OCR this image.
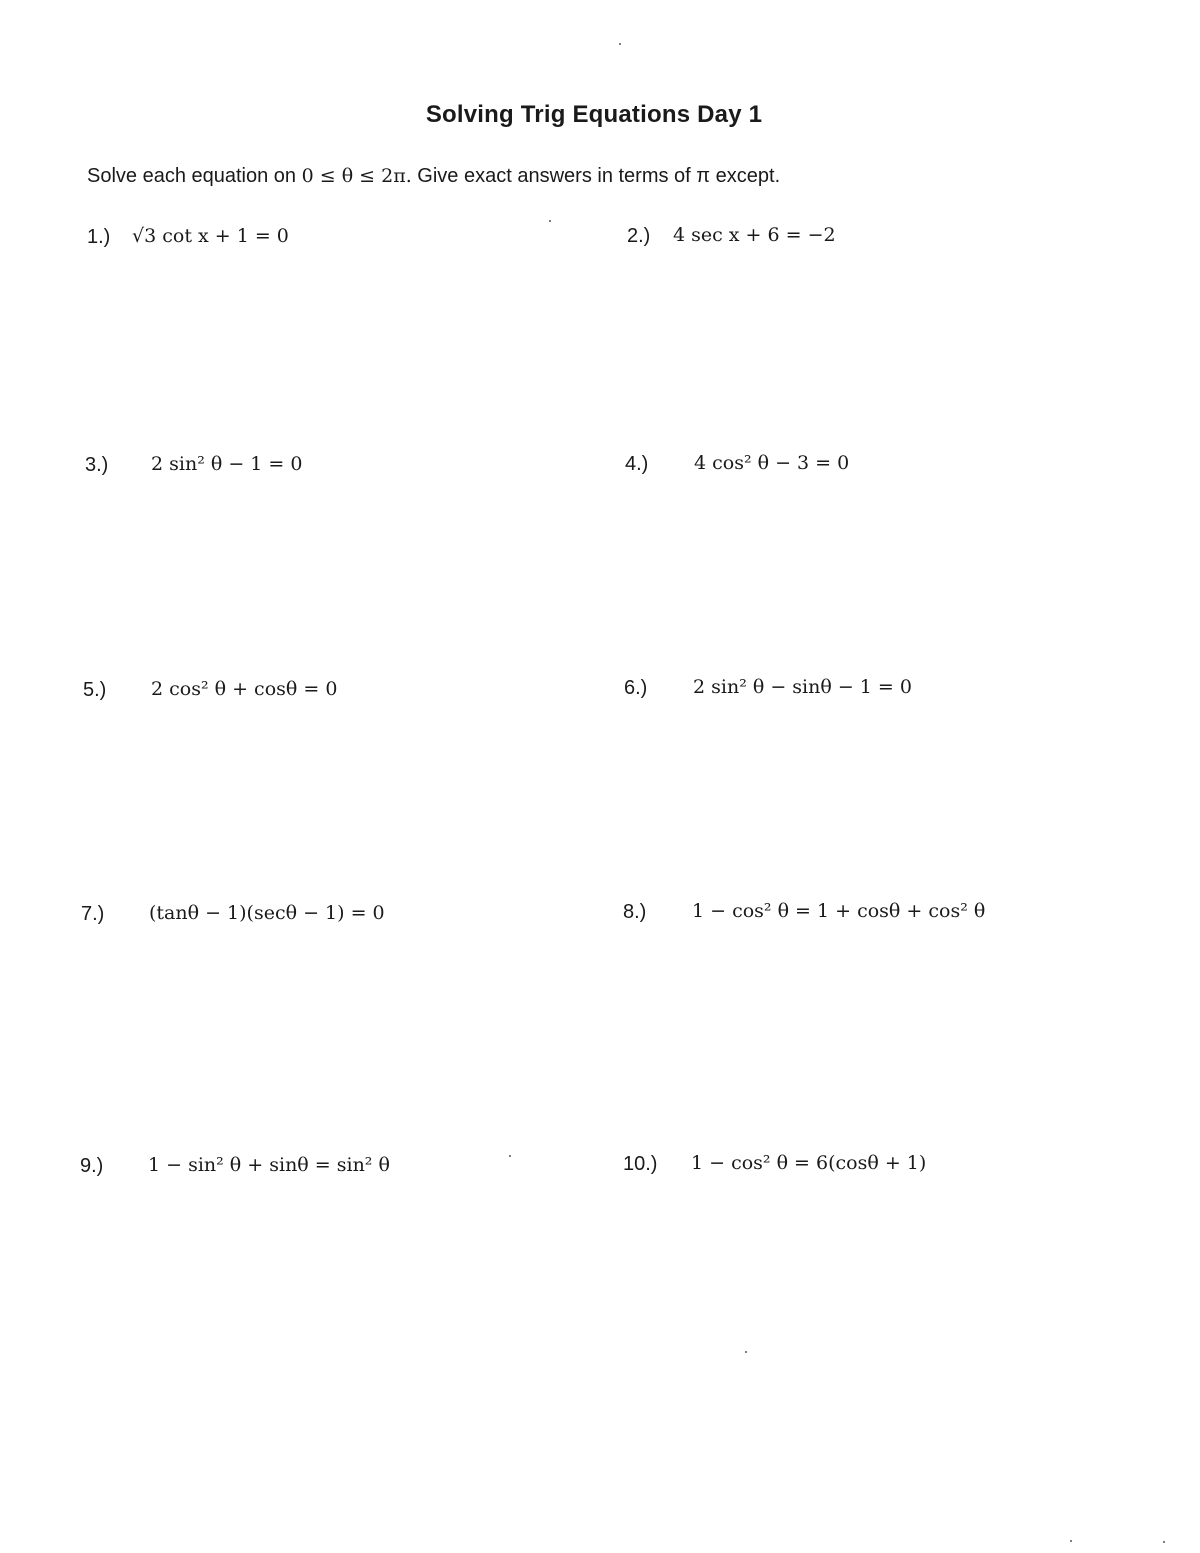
Solving Trig Equations Day 1
Solve each equation on 0 ≤ θ ≤ 2π. Give exact answers in terms of π except.
1.) √3 cot x + 1 = 0	2.) 4 sec x + 6 = −2
3.) 2 sin² θ − 1 = 0	4.) 4 cos² θ − 3 = 0
5.) 2 cos² θ + cosθ = 0	6.) 2 sin² θ − sinθ − 1 = 0
7.) (tanθ − 1)(secθ − 1) = 0	8.) 1 − cos² θ = 1 + cosθ + cos² θ
9.) 1 − sin² θ + sinθ = sin² θ	10.) 1 − cos² θ = 6(cosθ + 1)
